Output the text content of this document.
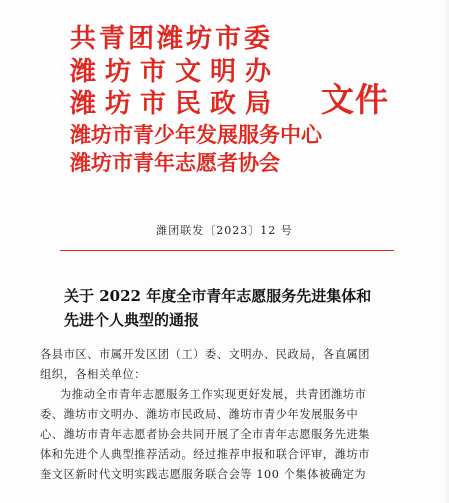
共青团潍坊市委
潍坊市文明办
潍坊市民政局
潍坊市青少年发展服务中心
潍坊市青年志愿者协会
文件
潍团联发〔2023〕12 号
关于 2022 年度全市青年志愿服务先进集体和
先进个人典型的通报
各县市区、市属开发区团（工）委、文明办、民政局，各直属团
组织，各相关单位：
为推动全市青年志愿服务工作实现更好发展，共青团潍坊市
委、潍坊市文明办、潍坊市民政局、潍坊市青少年发展服务中
心、潍坊市青年志愿者协会共同开展了全市青年志愿服务先进集
体和先进个人典型推荐活动。经过推荐申报和联合评审，潍坊市
奎文区新时代文明实践志愿服务联合会等 100 个集体被确定为
